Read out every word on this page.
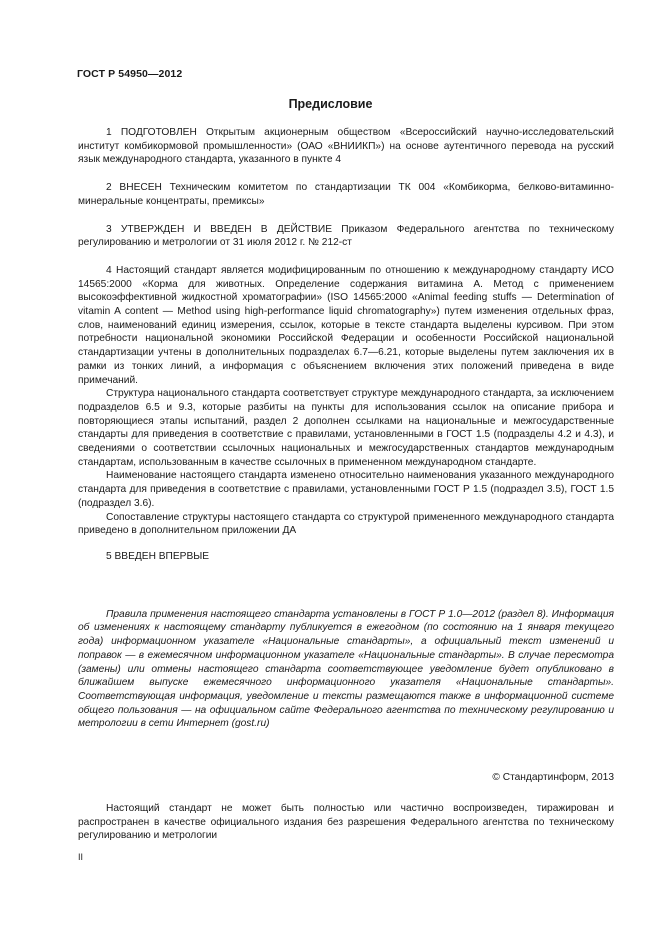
ГОСТ Р 54950—2012
Предисловие

1 ПОДГОТОВЛЕН Открытым акционерным обществом «Всероссийский научно-исследовательский институт комбикормовой промышленности» (ОАО «ВНИИКП») на основе аутентичного перевода на русский язык международного стандарта, указанного в пункте 4

2 ВНЕСЕН Техническим комитетом по стандартизации ТК 004 «Комбикорма, белково-витаминно-минеральные концентраты, премиксы»

3 УТВЕРЖДЕН И ВВЕДЕН В ДЕЙСТВИЕ Приказом Федерального агентства по техническому регулированию и метрологии от 31 июля 2012 г. № 212-ст

4 Настоящий стандарт является модифицированным по отношению к международному стандарту ИСО 14565:2000 «Корма для животных. Определение содержания витамина А. Метод с применением высокоэффективной жидкостной хроматографии» (ISO 14565:2000 «Animal feeding stuffs — Determination of vitamin A content — Method using high-performance liquid chromatography») путем изменения отдельных фраз, слов, наименований единиц измерения, ссылок, которые в тексте стандарта выделены курсивом. При этом потребности национальной экономики Российской Федерации и особенности Российской национальной стандартизации учтены в дополнительных подразделах 6.7—6.21, которые выделены путем заключения их в рамки из тонких линий, а информация с объяснением включения этих положений приведена в виде примечаний.

Структура национального стандарта соответствует структуре международного стандарта, за исключением подразделов 6.5 и 9.3, которые разбиты на пункты для использования ссылок на описание прибора и повторяющиеся этапы испытаний, раздел 2 дополнен ссылками на национальные и межгосударственные стандарты для приведения в соответствие с правилами, установленными в ГОСТ 1.5 (подразделы 4.2 и 4.3), и сведениями о соответствии ссылочных национальных и межгосударственных стандартов международным стандартам, использованным в качестве ссылочных в примененном международном стандарте.

Наименование настоящего стандарта изменено относительно наименования указанного международного стандарта для приведения в соответствие с правилами, установленными ГОСТ Р 1.5 (подраздел 3.5), ГОСТ 1.5 (подраздел 3.6).

Сопоставление структуры настоящего стандарта со структурой примененного международного стандарта приведено в дополнительном приложении ДА

5 ВВЕДЕН ВПЕРВЫЕ

Правила применения настоящего стандарта установлены в ГОСТ Р 1.0—2012 (раздел 8). Информация об изменениях к настоящему стандарту публикуется в ежегодном (по состоянию на 1 января текущего года) информационном указателе «Национальные стандарты», а официальный текст изменений и поправок — в ежемесячном информационном указателе «Национальные стандарты». В случае пересмотра (замены) или отмены настоящего стандарта соответствующее уведомление будет опубликовано в ближайшем выпуске ежемесячного информационного указателя «Национальные стандарты». Соответствующая информация, уведомление и тексты размещаются также в информационной системе общего пользования — на официальном сайте Федерального агентства по техническому регулированию и метрологии в сети Интернет (gost.ru)

© Стандартинформ, 2013

Настоящий стандарт не может быть полностью или частично воспроизведен, тиражирован и распространен в качестве официального издания без разрешения Федерального агентства по техническому регулированию и метрологии

II
